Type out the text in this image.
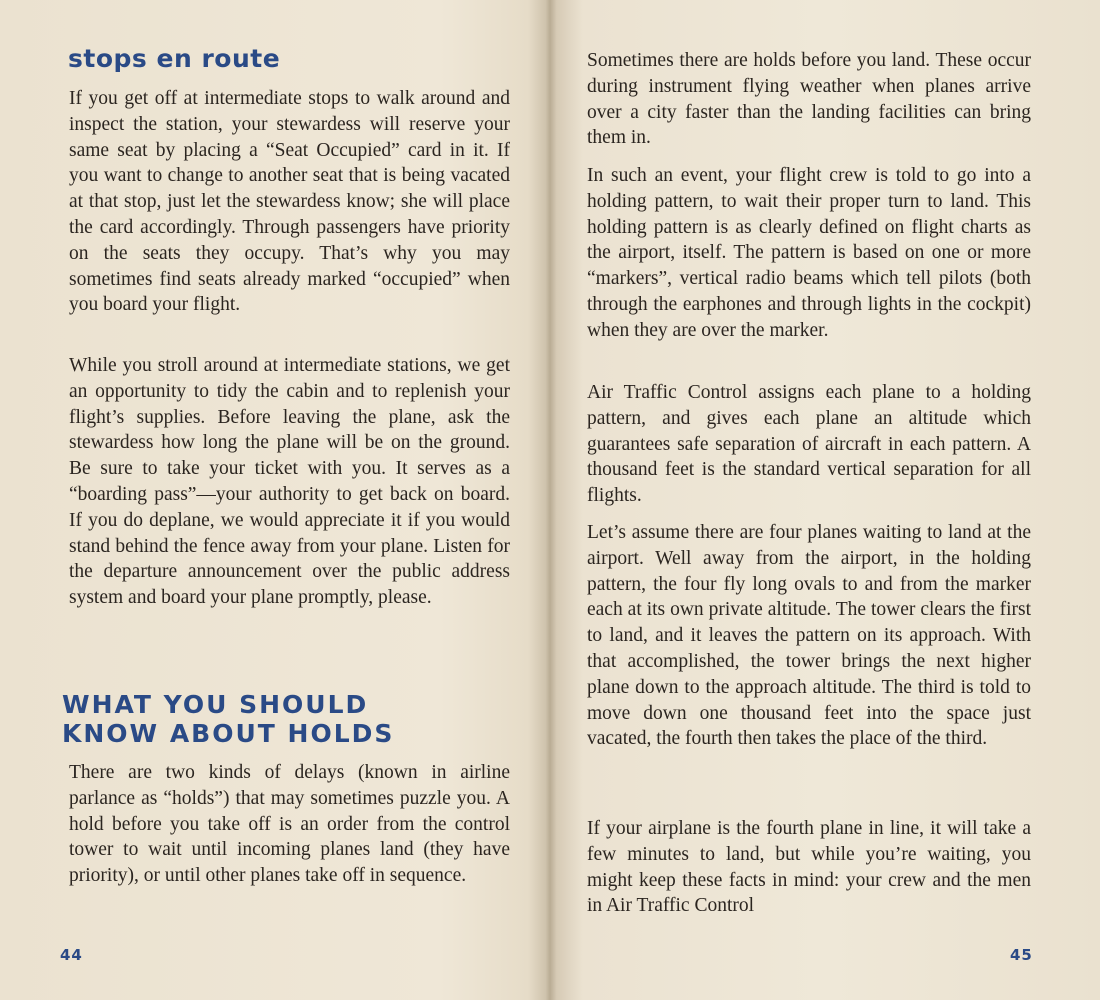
stops en route

If you get off at intermediate stops to walk around and inspect the station, your stewardess will reserve your same seat by placing a “Seat Occupied” card in it. If you want to change to another seat that is being vacated at that stop, just let the stewardess know; she will place the card accordingly. Through passengers have priority on the seats they occupy. That’s why you may sometimes find seats already marked “occupied” when you board your flight.

While you stroll around at intermediate stations, we get an opportunity to tidy the cabin and to replenish your flight’s supplies. Before leaving the plane, ask the stewardess how long the plane will be on the ground. Be sure to take your ticket with you. It serves as a “boarding pass”—your authority to get back on board. If you do deplane, we would appreciate it if you would stand behind the fence away from your plane. Listen for the departure announcement over the public address system and board your plane promptly, please.

WHAT YOU SHOULD
KNOW ABOUT HOLDS

There are two kinds of delays (known in airline parlance as “holds”) that may sometimes puzzle you. A hold before you take off is an order from the control tower to wait until incoming planes land (they have priority), or until other planes take off in sequence.

44

Sometimes there are holds before you land. These occur during instrument flying weather when planes arrive over a city faster than the landing facilities can bring them in.

In such an event, your flight crew is told to go into a holding pattern, to wait their proper turn to land. This holding pattern is as clearly defined on flight charts as the airport, itself. The pattern is based on one or more “markers”, vertical radio beams which tell pilots (both through the earphones and through lights in the cockpit) when they are over the marker.

Air Traffic Control assigns each plane to a holding pattern, and gives each plane an altitude which guarantees safe separation of aircraft in each pattern. A thousand feet is the standard vertical separation for all flights.

Let’s assume there are four planes waiting to land at the airport. Well away from the airport, in the holding pattern, the four fly long ovals to and from the marker each at its own private altitude. The tower clears the first to land, and it leaves the pattern on its approach. With that accomplished, the tower brings the next higher plane down to the approach altitude. The third is told to move down one thousand feet into the space just vacated, the fourth then takes the place of the third.

If your airplane is the fourth plane in line, it will take a few minutes to land, but while you’re waiting, you might keep these facts in mind: your crew and the men in Air Traffic Control

45
